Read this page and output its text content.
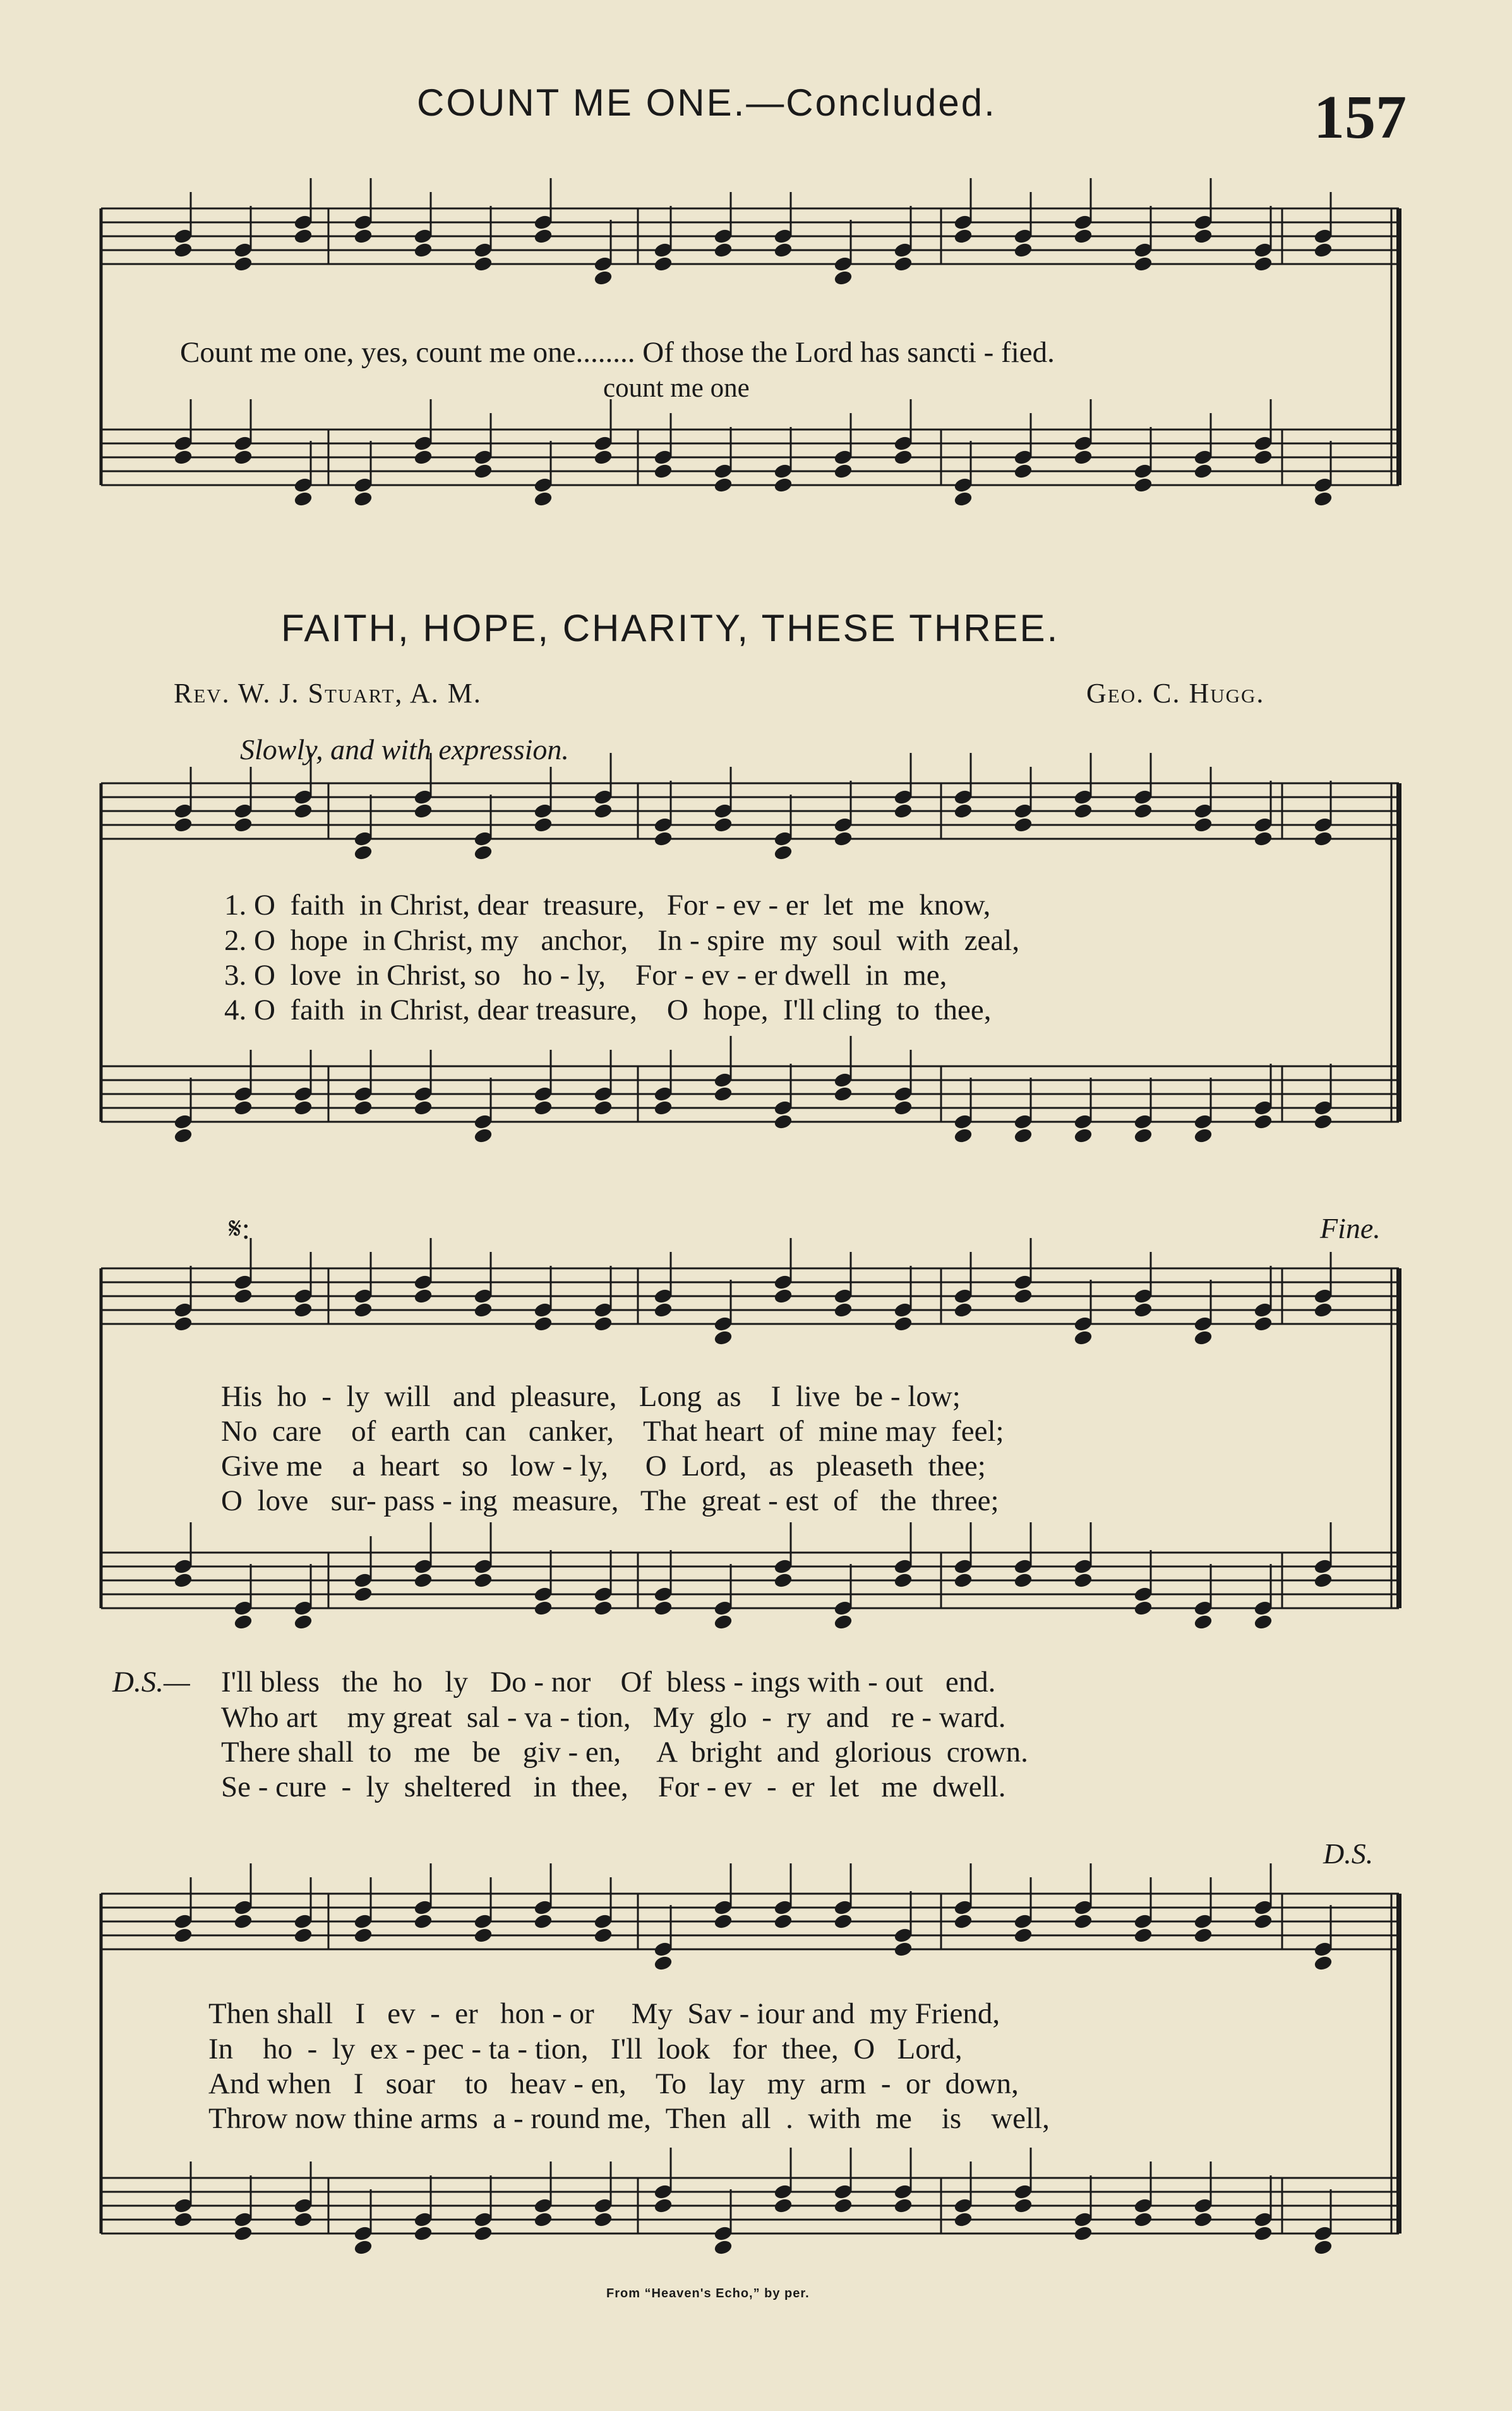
COUNT ME ONE.—Concluded.	157
Count me one, yes, count me one........ Of those the Lord has sancti - fied.
count me one
FAITH, HOPE, CHARITY, THESE THREE.
Rev. W. J. Stuart, A. M.	Geo. C. Hugg.
Slowly, and with expression.
1. O  faith  in Christ, dear  treasure,   For - ev - er  let  me  know,
2. O  hope  in Christ, my   anchor,    In - spire  my  soul  with  zeal,
3. O  love  in Christ, so   ho - ly,    For - ev - er dwell  in  me,
4. O  faith  in Christ, dear treasure,    O  hope,  I'll cling  to  thee,
𝄋:	Fine.
His  ho  -  ly  will   and  pleasure,   Long  as    I  live  be - low;
No  care    of  earth  can   canker,    That heart  of  mine may  feel;
Give me    a  heart   so   low - ly,     O  Lord,   as   pleaseth  thee;
O  love   sur- pass - ing  measure,   The  great - est  of   the  three;
D.S.— I'll bless   the  ho   ly   Do - nor    Of  bless - ings with - out   end.
Who art    my great  sal - va - tion,   My  glo  -  ry  and   re - ward.
There shall  to   me   be   giv - en,     A  bright  and  glorious  crown.
Se - cure  -  ly  sheltered   in  thee,    For - ev  -  er  let   me  dwell.
D.S.
Then shall   I   ev  -  er   hon - or     My  Sav - iour and  my Friend,
In    ho  -  ly  ex - pec - ta - tion,   I'll  look   for  thee,  O   Lord,
And when   I   soar    to   heav - en,    To   lay   my  arm  -  or  down,
Throw now thine arms  a - round me,  Then  all  .  with  me    is    well,
From “Heaven's Echo,” by per.
